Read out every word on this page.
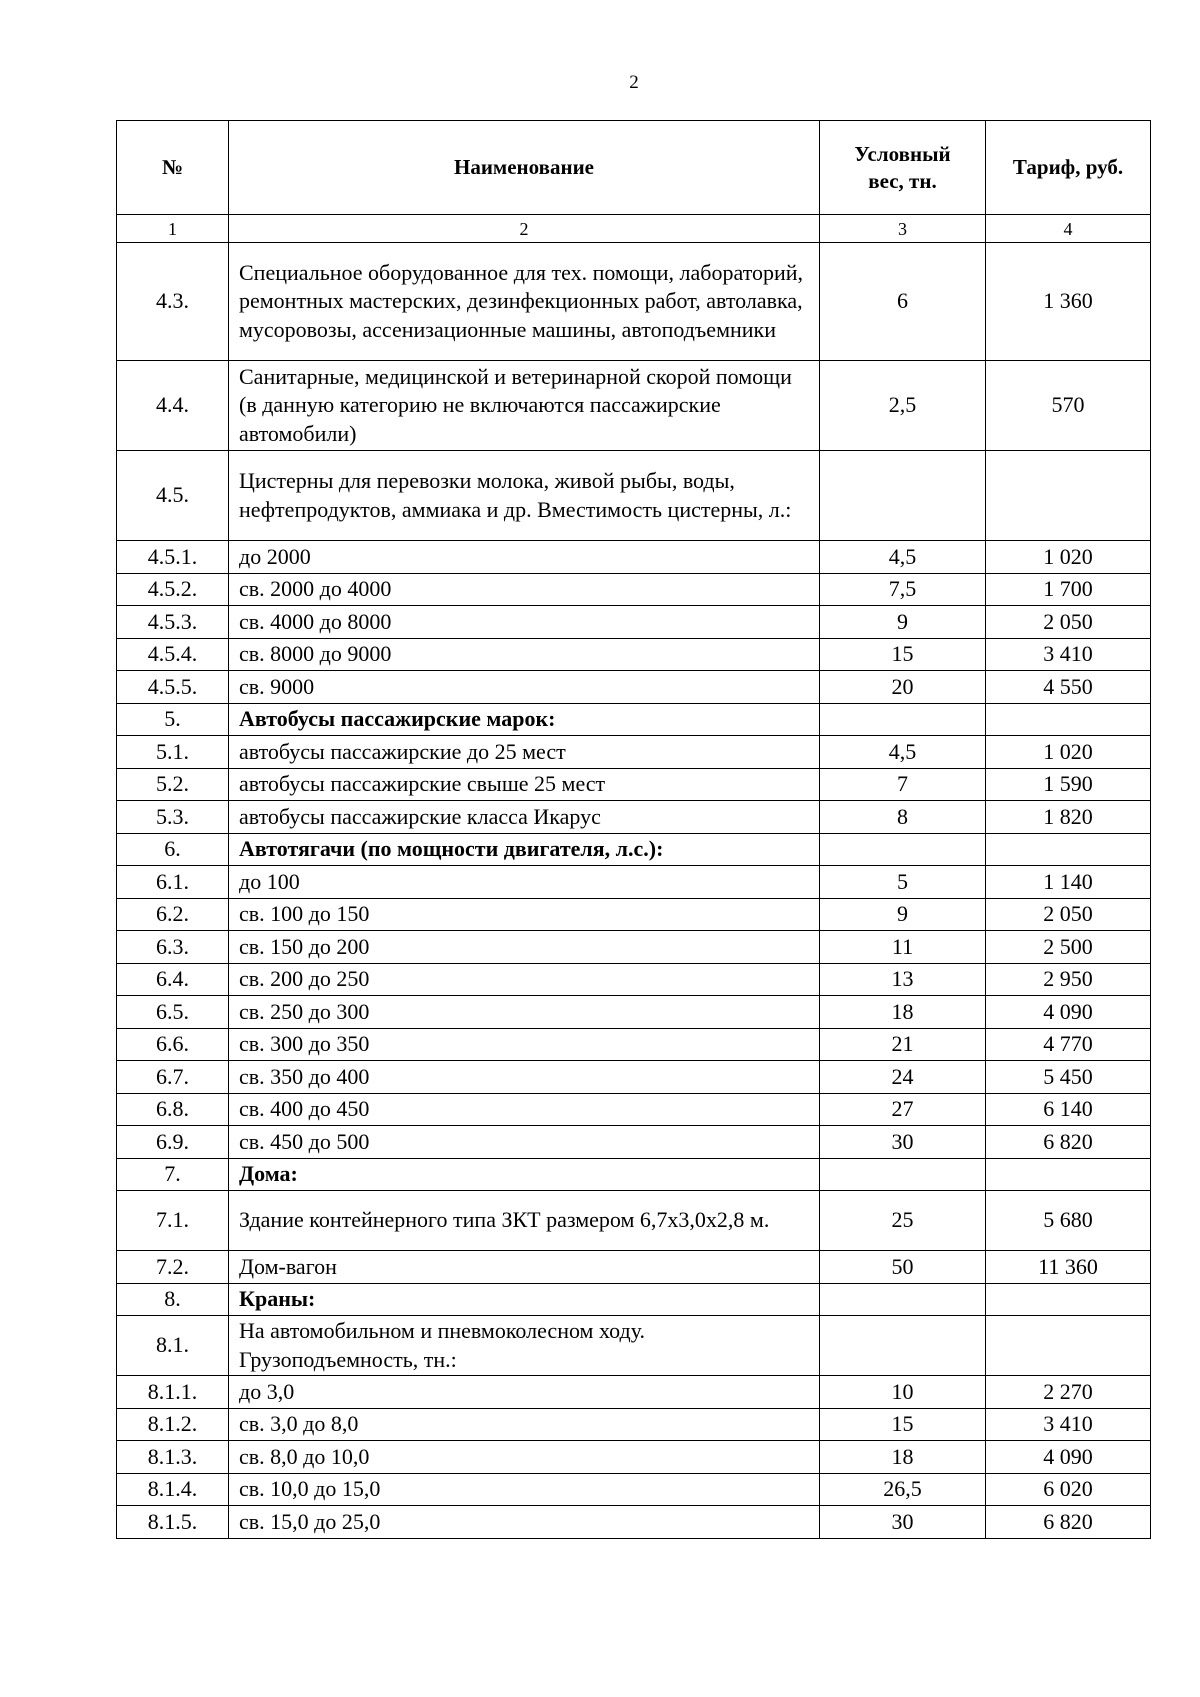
2
№	Наименование	Условный вес, тн.	Тариф, руб.
1	2	3	4
4.3.	Специальное оборудованное для тех. помощи, лабораторий, ремонтных мастерских, дезинфекционных работ, автолавка, мусоровозы, ассенизационные машины, автоподъемники	6	1 360
4.4.	Санитарные, медицинской и ветеринарной скорой помощи (в данную категорию не включаются пассажирские автомобили)	2,5	570
4.5.	Цистерны для перевозки молока, живой рыбы, воды, нефтепродуктов, аммиака и др. Вместимость цистерны, л.:		
4.5.1.	до 2000	4,5	1 020
4.5.2.	св. 2000 до 4000	7,5	1 700
4.5.3.	св. 4000 до 8000	9	2 050
4.5.4.	св. 8000 до 9000	15	3 410
4.5.5.	св. 9000	20	4 550
5.	Автобусы пассажирские марок:		
5.1.	автобусы пассажирские до 25 мест	4,5	1 020
5.2.	автобусы пассажирские свыше 25 мест	7	1 590
5.3.	автобусы пассажирские класса Икарус	8	1 820
6.	Автотягачи (по мощности двигателя, л.с.):		
6.1.	до 100	5	1 140
6.2.	св. 100 до 150	9	2 050
6.3.	св. 150 до 200	11	2 500
6.4.	св. 200 до 250	13	2 950
6.5.	св. 250 до 300	18	4 090
6.6.	св. 300 до 350	21	4 770
6.7.	св. 350 до 400	24	5 450
6.8.	св. 400 до 450	27	6 140
6.9.	св. 450 до 500	30	6 820
7.	Дома:		
7.1.	Здание контейнерного типа ЗКТ размером 6,7х3,0х2,8 м.	25	5 680
7.2.	Дом-вагон	50	11 360
8.	Краны:		
8.1.	На автомобильном и пневмоколесном ходу. Грузоподъемность, тн.:		
8.1.1.	до 3,0	10	2 270
8.1.2.	св. 3,0 до 8,0	15	3 410
8.1.3.	св. 8,0 до 10,0	18	4 090
8.1.4.	св. 10,0 до 15,0	26,5	6 020
8.1.5.	св. 15,0 до 25,0	30	6 820
